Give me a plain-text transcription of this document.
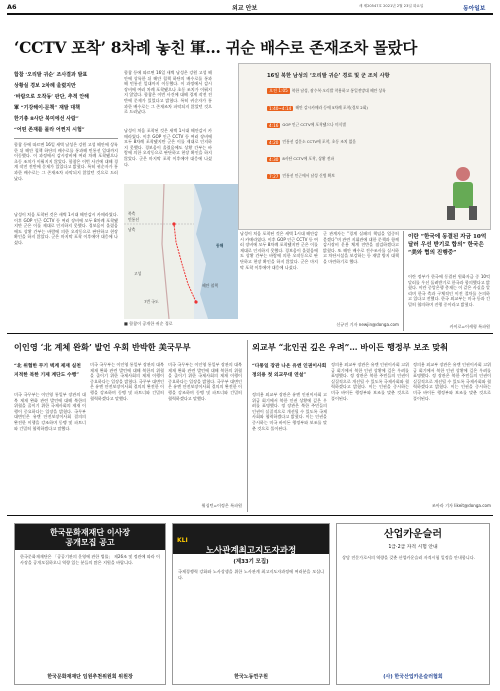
A6	외교 안보	새 제20547호 2021년 2월 23일 화요일	동아일보
‘CCTV 포착’ 8차례 놓친 軍… 귀순 배수로 존재조차 몰랐다
합참 ‘오리발 귀순’ 조사결과 발표
상황실 경보 2차례 울렸지만
‘바람으로 오작동’ 판단, 추적 안해
軍 “기강해이·문책” 재발 대책
한기총 8사단 북미에선 사람”
“어떤 존재를 몰라 어쩐지 시험”
합참 등에 따르면 16일 새벽 남성은 강원 고성 해안에 상륙한 뒤 해안 철책 하단의 배수로를 통과해 민통선 일대까지 이동했다. 이 과정에서 감시장비에 여러 차례 포착됐으나 초동 조치가 이뤄지지 않았다. 합참은 이번 사건에 대해 경계 작전 전반에 문제가 있었다고 밝혔다. 특히 귀순자가 통과한 배수로는 그 존재조차 파악되지 않았던 것으로 드러났다.
남성이 처음 포착된 것은 새벽 1시대 해안감시 카메라였다. 이후 GOP 인근 CCTV 등 여러 장비에 모두 8차례 포착됐지만 군은 이를 제대로 인지하지 못했다. 경보음이 울렸음에도 상황 간부는 바람에 의한 오작동으로 판단하고 현장 확인을 하지 않았다. 군은 마지막 포착 이후에야 대응에 나섰다.
합참 등에 따르면 16일 새벽 남성은 강원 고성 해안에 상륙한 뒤 해안 철책 하단의 배수로를 통과해 민통선 일대까지 이동했다. 이 과정에서 감시장비에 여러 차례 포착됐으나 초동 조치가 이뤄지지 않았다. 합참은 이번 사건에 대해 경계 작전 전반에 문제가 있었다고 밝혔다. 특히 귀순자가 통과한 배수로는 그 존재조차 파악되지 않았던 것으로 드러났다.
남성이 처음 포착된 것은 새벽 1시대 해안감시 카메라였다. 이후 GOP 인근 CCTV 등 여러 장비에 모두 8차례 포착됐지만 군은 이를 제대로 인지하지 못했다. 경보음이 울렸음에도 상황 간부는 바람에 의한 오작동으로 판단하고 현장 확인을 하지 않았다. 군은 마지막 포착 이후에야 대응에 나섰다.
민통선
동해
고성
7번 국도
남측
북측
해안 철책
■ 합참이 공개한 귀순 경로
16일 북한 남성의 ‘오리발 귀순’ 경로 및 군 조치 사항
오전 1:05	북한 남성, 잠수복·오리발 착용하고 통일전망대 해안 상륙
1:40~4:14	해안 감시카메라 등에 5차례 포착(경보 2회)
4:16	GOP 인근 CCTV에 포착됐으나 미식별
4:20	민통선 검문소 CCTV에 포착, 초동 조치 없음
4:30	8사단 CCTV에 포착, 상황 전파
7:27	민통선 인근에서 남성 신병 확보
남성이 처음 포착된 것은 새벽 1시대 해안감시 카메라였다. 이후 GOP 인근 CCTV 등 여러 장비에 모두 8차례 포착됐지만 군은 이를 제대로 인지하지 못했다. 경보음이 울렸음에도 상황 간부는 바람에 의한 오작동으로 판단하고 현장 확인을 하지 않았다. 군은 마지막 포착 이후에야 대응에 나섰다.
군 관계자는 “경계 실패의 책임을 엄중히 묻겠다”며 관련 지휘관에 대한 문책과 함께 감시장비 운용 체계 전반을 점검하겠다고 밝혔다. 또 해안 배수로 전수조사를 실시하고 차단시설을 보강하는 등 재발 방지 대책을 마련하기로 했다.
신규진 기자 newjin@donga.com
이란 “한국에 동결된 자금 10억달러 우선 받기로 합의” 한국은 “美와 협의 진행중”
이란 정부가 한국에 동결된 원화자금 중 10억 달러를 우선 돌려받기로 한국과 합의했다고 밝혔다. 이란 중앙은행 총재는 이 같은 사실을 알리며 한국 측과 구체적인 이전 절차를 논의하고 있다고 전했다. 한국 외교부는 미국 등과 긴밀히 협의하며 진행 중이라고 밝혔다.
카이로=이세형 특파원
이인영 ‘北 계체 완화’ 발언 우회 반박한 美국무부
“北 위협한 무기 벽계 제재 실천 지적한 북한 기제 계단도 수행”
미국 국무부는 이인영 통일부 장관의 대북 제재 완화 관련 발언에 대해 북한의 위협을 줄이기 위한 국제사회의 제재 이행이 중요하다는 입장을 밝혔다. 국무부 대변인은 유엔 안전보장이사회 결의의 완전한 이행을 강조하며 동맹 및 파트너와 긴밀히 협력하겠다고 말했다.
미국 국무부는 이인영 통일부 장관의 대북 제재 완화 관련 발언에 대해 북한의 위협을 줄이기 위한 국제사회의 제재 이행이 중요하다는 입장을 밝혔다. 국무부 대변인은 유엔 안전보장이사회 결의의 완전한 이행을 강조하며 동맹 및 파트너와 긴밀히 협력하겠다고 말했다.
미국 국무부는 이인영 통일부 장관의 대북 제재 완화 관련 발언에 대해 북한의 위협을 줄이기 위한 국제사회의 제재 이행이 중요하다는 입장을 밝혔다. 국무부 대변인은 유엔 안전보장이사회 결의의 완전한 이행을 강조하며 동맹 및 파트너와 긴밀히 협력하겠다고 말했다.
워싱턴=이정은 특파원
외교부 “北인권 깊은 우려”… 바이든 행정부 보조 맞춰
“다통일 장관 나온 유엔 인권이사회 정의용 첫 외교무대 연설”
정의용 외교부 장관은 유엔 인권이사회 고위급 회기에서 북한 인권 상황에 깊은 우려를 표명했다. 정 장관은 북한 주민들의 인권이 실질적으로 개선될 수 있도록 국제사회와 협력하겠다고 밝혔다. 이는 인권을 중시하는 미국 바이든 행정부와 보조를 맞춘 것으로 풀이된다.
정의용 외교부 장관은 유엔 인권이사회 고위급 회기에서 북한 인권 상황에 깊은 우려를 표명했다. 정 장관은 북한 주민들의 인권이 실질적으로 개선될 수 있도록 국제사회와 협력하겠다고 밝혔다. 이는 인권을 중시하는 미국 바이든 행정부와 보조를 맞춘 것으로 풀이된다.
정의용 외교부 장관은 유엔 인권이사회 고위급 회기에서 북한 인권 상황에 깊은 우려를 표명했다. 정 장관은 북한 주민들의 인권이 실질적으로 개선될 수 있도록 국제사회와 협력하겠다고 밝혔다. 이는 인권을 중시하는 미국 바이든 행정부와 보조를 맞춘 것으로 풀이된다.
조아라 기자 likeit@donga.com
한국문화재재단 이사장
공개모집 공고
한국문화재재단은 「공공기관의 운영에 관한 법률」 제26조 및 정관에 따라 이사장을 공개모집하오니 역량 있는 분들의 많은 지원을 바랍니다.
한국문화재재단 임원추천위원회 위원장
KLI
노사관계최고지도자과정
(제33기 모집)
국제경쟁력 강화와 노사상생을 위한 노사관계 최고지도자과정에 여러분을 모십니다.
한국노동연구원
산업카운슬러
1급·2급 자격 시험 안내
상담 전문가로서의 역량을 갖춘 산업카운슬러 자격시험 일정을 안내합니다.
(사) 한국산업카운슬러협회
